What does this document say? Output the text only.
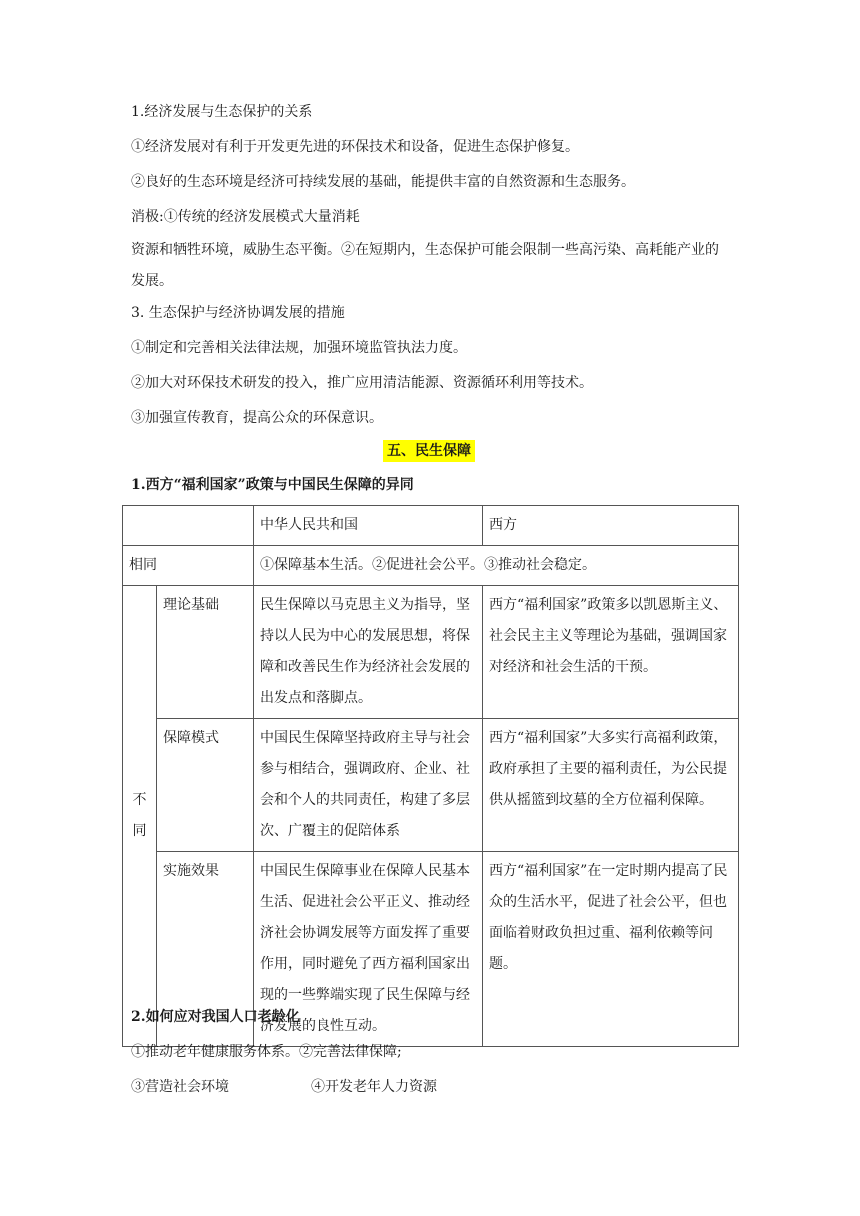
1.经济发展与生态保护的关系
①经济发展对有利于开发更先进的环保技术和设备，促进生态保护修复。
②良好的生态环境是经济可持续发展的基础，能提供丰富的自然资源和生态服务。
消极:①传统的经济发展模式大量消耗
资源和牺牲环境，威胁生态平衡。②在短期内，生态保护可能会限制一些高污染、高耗能产业的发展。
3. 生态保护与经济协调发展的措施
①制定和完善相关法律法规，加强环境监管执法力度。
②加大对环保技术研发的投入，推广应用清洁能源、资源循环利用等技术。
③加强宣传教育，提高公众的环保意识。
五、民生保障
1.西方“福利国家”政策与中国民生保障的异同
		中华人民共和国	西方
相同		①保障基本生活。②促进社会公平。③推动社会稳定。	

不
同	理论基础	民生保障以马克思主义为指导，坚持以人民为中心的发展思想，将保障和改善民生作为经济社会发展的出发点和落脚点。	西方“福利国家”政策多以凯恩斯主义、社会民主主义等理论为基础，强调国家对经济和社会生活的干预。
	保障模式	中国民生保障坚持政府主导与社会参与相结合，强调政府、企业、社会和个人的共同责任，构建了多层次、广覆主的促陪体系	西方“福利国家”大多实行高福利政策，政府承担了主要的福利责任，为公民提供从摇篮到坟墓的全方位福利保障。
	实施效果	中国民生保障事业在保障人民基本生活、促进社会公平正义、推动经济社会协调发展等方面发挥了重要作用，同时避免了西方福利国家出现的一些弊端实现了民生保障与经济发展的良性互动。	西方“福利国家”在一定时期内提高了民众的生活水平，促进了社会公平，但也面临着财政负担过重、福利依赖等问题。
2.如何应对我国人口老龄化
①推动老年健康服务体系。②完善法律保障;
③营造社会环境	④开发老年人力资源
